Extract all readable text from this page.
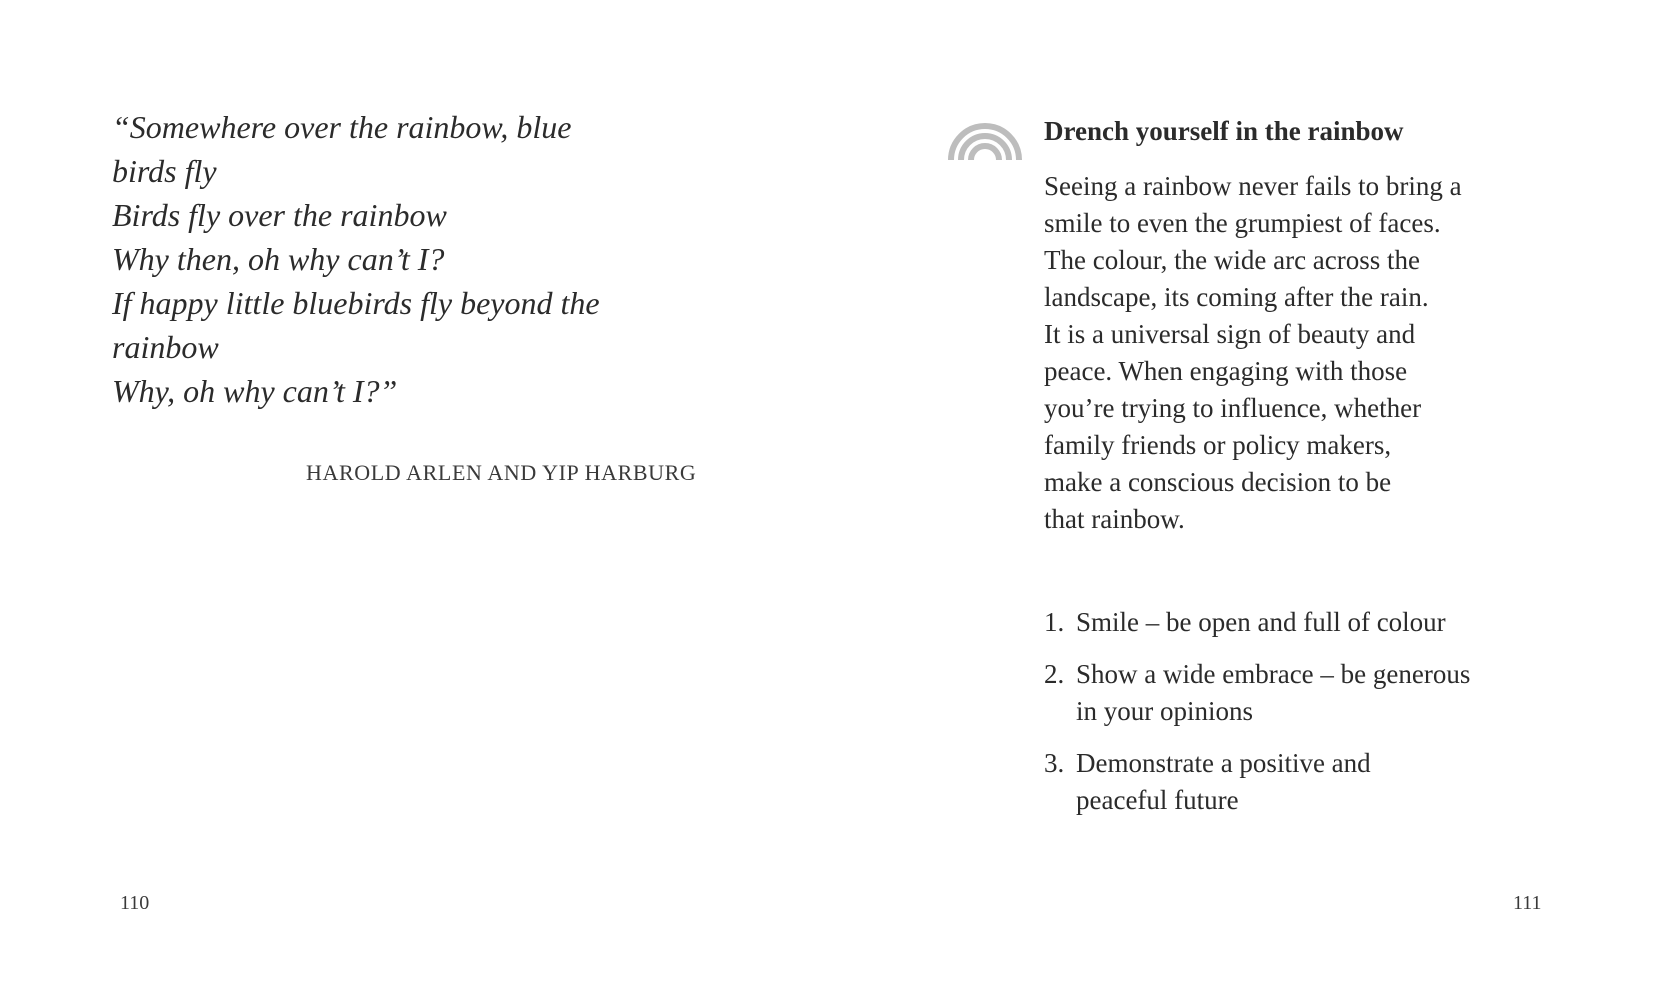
“Somewhere over the rainbow, blue
birds fly
Birds fly over the rainbow
Why then, oh why can’t I?
If happy little bluebirds fly beyond the
rainbow
Why, oh why can’t I?”
HAROLD ARLEN AND YIP HARBURG
110
Drench yourself in the rainbow
Seeing a rainbow never fails to bring a
smile to even the grumpiest of faces.
The colour, the wide arc across the
landscape, its coming after the rain.
It is a universal sign of beauty and
peace. When engaging with those
you’re trying to influence, whether
family friends or policy makers,
make a conscious decision to be
that rainbow.
1. Smile – be open and full of colour
2. Show a wide embrace – be generous
in your opinions
3. Demonstrate a positive and
peaceful future
111
